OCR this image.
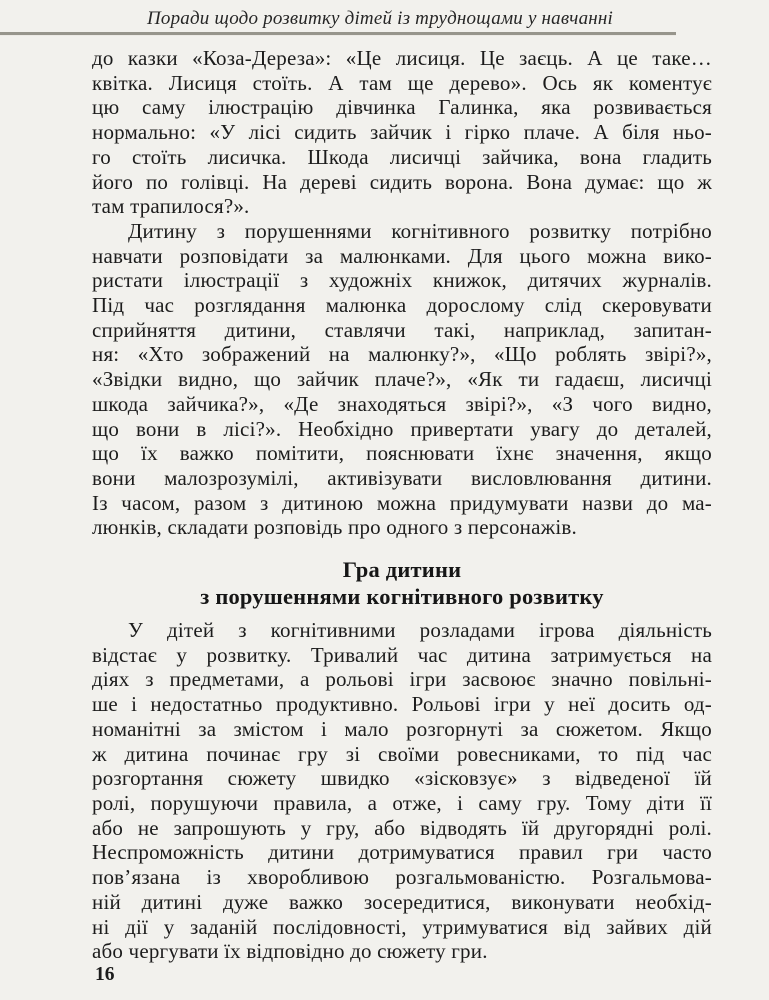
Поради щодо розвитку дітей із труднощами у навчанні
до казки «Коза-Дереза»: «Це лисиця. Це заєць. А це таке…
квітка. Лисиця стоїть. А там ще дерево». Ось як коментує
цю саму ілюстрацію дівчинка Галинка, яка розвивається
нормально: «У лісі сидить зайчик і гірко плаче. А біля ньо-
го стоїть лисичка. Шкода лисичці зайчика, вона гладить
його по голівці. На дереві сидить ворона. Вона думає: що ж
там трапилося?».
Дитину з порушеннями когнітивного розвитку потрібно
навчати розповідати за малюнками. Для цього можна вико-
ристати ілюстрації з художніх книжок, дитячих журналів.
Під час розглядання малюнка дорослому слід скеровувати
сприйняття дитини, ставлячи такі, наприклад, запитан-
ня: «Хто зображений на малюнку?», «Що роблять звірі?»,
«Звідки видно, що зайчик плаче?», «Як ти гадаєш, лисичці
шкода зайчика?», «Де знаходяться звірі?», «З чого видно,
що вони в лісі?». Необхідно привертати увагу до деталей,
що їх важко помітити, пояснювати їхнє значення, якщо
вони малозрозумілі, активізувати висловлювання дитини.
Із часом, разом з дитиною можна придумувати назви до ма-
люнків, складати розповідь про одного з персонажів.
Гра дитини
з порушеннями когнітивного розвитку
У дітей з когнітивними розладами ігрова діяльність
відстає у розвитку. Тривалий час дитина затримується на
діях з предметами, а рольові ігри засвоює значно повільні-
ше і недостатньо продуктивно. Рольові ігри у неї досить од-
номанітні за змістом і мало розгорнуті за сюжетом. Якщо
ж дитина починає гру зі своїми ровесниками, то під час
розгортання сюжету швидко «зісковзує» з відведеної їй
ролі, порушуючи правила, а отже, і саму гру. Тому діти її
або не запрошують у гру, або відводять їй другорядні ролі.
Неспроможність дитини дотримуватися правил гри часто
пов’язана із хворобливою розгальмованістю. Розгальмова-
ній дитині дуже важко зосередитися, виконувати необхід-
ні дії у заданій послідовності, утримуватися від зайвих дій
або чергувати їх відповідно до сюжету гри.
16
